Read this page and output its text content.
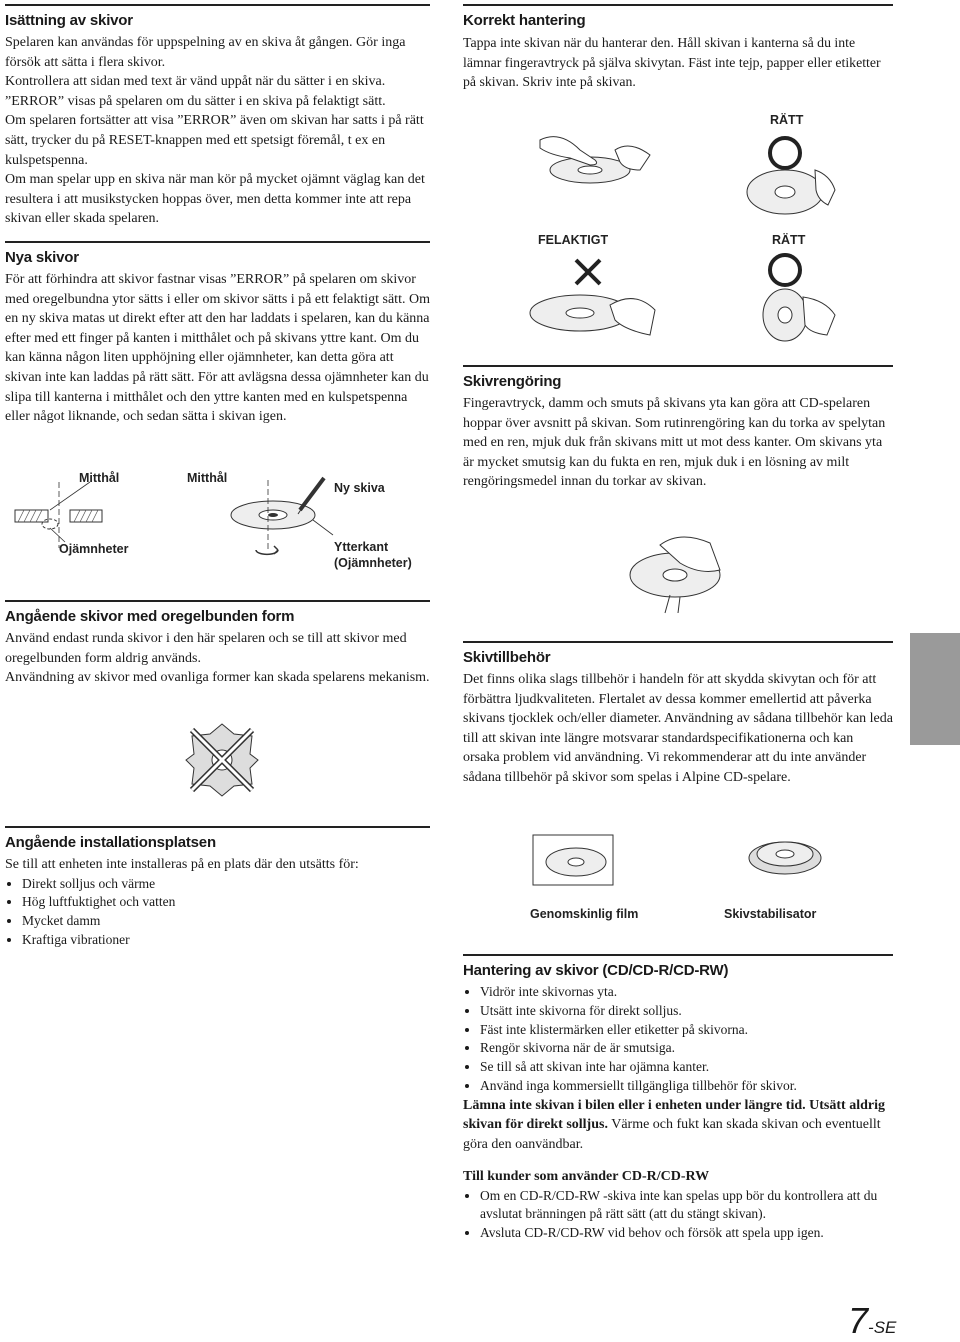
Isättning av skivor

Spelaren kan användas för uppspelning av en skiva åt gången. Gör inga försök att sätta i flera skivor.

Kontrollera att sidan med text är vänd uppåt när du sätter i en skiva.

”ERROR” visas på spelaren om du sätter i en skiva på felaktigt sätt.

Om spelaren fortsätter att visa ”ERROR” även om skivan har satts i på rätt sätt, trycker du på RESET-knappen med ett spetsigt föremål, t ex en kulspetspenna.

Om man spelar upp en skiva när man kör på mycket ojämnt väglag kan det resultera i att musikstycken hoppas över, men detta kommer inte att repa skivan eller skada spelaren.

Nya skivor

För att förhindra att skivor fastnar visas ”ERROR” på spelaren om skivor med oregelbundna ytor sätts i eller om skivor sätts i på ett felaktigt sätt. Om en ny skiva matas ut direkt efter att den har laddats i spelaren, kan du känna efter med ett finger på kanten i mitthålet och på skivans yttre kant. Om du kan känna någon liten upphöjning eller ojämnheter, kan detta göra att skivan inte kan laddas på rätt sätt. För att avlägsna dessa ojämnheter kan du slipa till kanterna i mitthålet och den yttre kanten med en kulspetspenna eller något liknande, och sedan sätta i skivan igen.

Angående skivor med oregelbunden form

Använd endast runda skivor i den här spelaren och se till att skivor med oregelbunden form aldrig används.

Användning av skivor med ovanliga former kan skada spelarens mekanism.

Angående installationsplatsen

Se till att enheten inte installeras på en plats där den utsätts för:

• Direkt solljus och värme
• Hög luftfuktighet och vatten
• Mycket damm
• Kraftiga vibrationer
Mitthål	Mitthål
Ny skiva
Ojämnheter	Ytterkant
(Ojämnheter)
Korrekt hantering

Tappa inte skivan när du hanterar den. Håll skivan i kanterna så du inte lämnar fingeravtryck på själva skivytan. Fäst inte tejp, papper eller etiketter på skivan. Skriv inte på skivan.

Skivrengöring

Fingeravtryck, damm och smuts på skivans yta kan göra att CD-spelaren hoppar över avsnitt på skivan. Som rutinrengöring kan du torka av spelytan med en ren, mjuk duk från skivans mitt ut mot dess kanter. Om skivans yta är mycket smutsig kan du fukta en ren, mjuk duk i en lösning av milt rengöringsmedel innan du torkar av skivan.

Skivtillbehör

Det finns olika slags tillbehör i handeln för att skydda skivytan och för att förbättra ljudkvaliteten. Flertalet av dessa kommer emellertid att påverka skivans tjocklek och/eller diameter. Användning av sådana tillbehör kan leda till att skivan inte längre motsvarar standardspecifikationerna och kan orsaka problem vid användning. Vi rekommenderar att du inte använder sådana tillbehör på skivor som spelas i Alpine CD-spelare.

Hantering av skivor (CD/CD-R/CD-RW)
• Vidrör inte skivornas yta.
• Utsätt inte skivorna för direkt solljus.
• Fäst inte klistermärken eller etiketter på skivorna.
• Rengör skivorna när de är smutsiga.
• Se till så att skivan inte har ojämna kanter.
• Använd inga kommersiellt tillgängliga tillbehör för skivor.

Lämna inte skivan i bilen eller i enheten under längre tid. Utsätt aldrig skivan för direkt solljus. Värme och fukt kan skada skivan och eventuellt göra den oanvändbar.

Till kunder som använder CD-R/CD-RW
• Om en CD-R/CD-RW -skiva inte kan spelas upp bör du kontrollera att du avslutat bränningen på rätt sätt (att du stängt skivan).
• Avsluta CD-R/CD-RW vid behov och försök att spela upp igen.
RÄTT
FELAKTIGT	RÄTT
Genomskinlig film	Skivstabilisator
7-SE
